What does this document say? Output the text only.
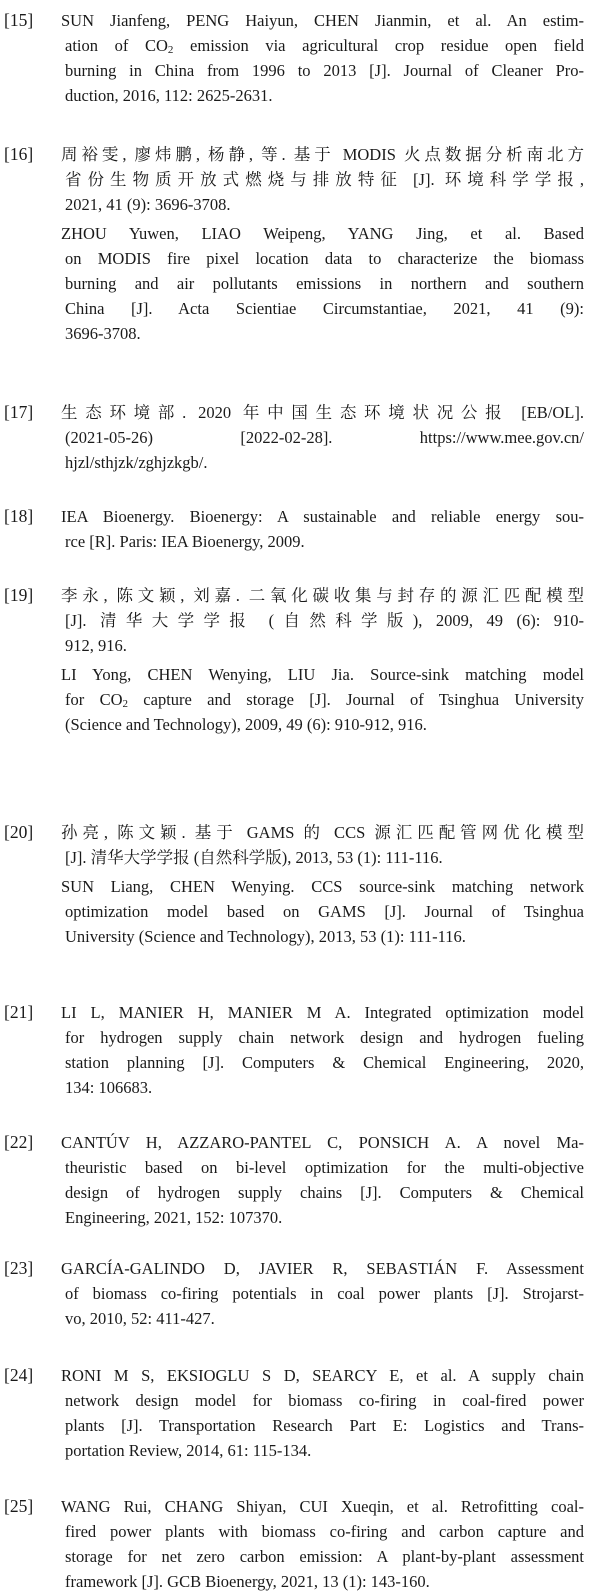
[15] SUN Jianfeng, PENG Haiyun, CHEN Jianmin, et al. An estim-
ation of $CO_2$ emission via agricultural crop residue open field
burning in China from 1996 to 2013 [J]. Journal of Cleaner Pro-
duction, 2016, 112: 2625-2631.
[16] 周裕雯, 廖炜鹏, 杨静, 等. 基于 MODIS 火点数据分析南北方
省份生物质开放式燃烧与排放特征 [J]. 环境科学学报,
2021, 41 (9): 3696-3708.
ZHOU Yuwen, LIAO Weipeng, YANG Jing, et al. Based
on MODIS fire pixel location data to characterize the biomass
burning and air pollutants emissions in northern and southern
China [J]. Acta Scientiae Circumstantiae, 2021, 41 (9):
3696-3708.
[17] 生态环境部. 2020 年中国生态环境状况公报 [EB/OL].
(2021-05-26) [2022-02-28]. https://www.mee.gov.cn/
hjzl/sthjzk/zghjzkgb/.
[18] IEA Bioenergy. Bioenergy: A sustainable and reliable energy sou-
rce [R]. Paris: IEA Bioenergy, 2009.
[19] 李永, 陈文颖, 刘嘉. 二氧化碳收集与封存的源汇匹配模型
[J]. 清华大学学报 (自然科学版), 2009, 49 (6): 910-
912, 916.
LI Yong, CHEN Wenying, LIU Jia. Source-sink matching model
for $CO_2$ capture and storage [J]. Journal of Tsinghua University
(Science and Technology), 2009, 49 (6): 910-912, 916.
[20] 孙亮, 陈文颖. 基于 GAMS 的 CCS 源汇匹配管网优化模型
[J]. 清华大学学报 (自然科学版), 2013, 53 (1): 111-116.
SUN Liang, CHEN Wenying. CCS source-sink matching network
optimization model based on GAMS [J]. Journal of Tsinghua
University (Science and Technology), 2013, 53 (1): 111-116.
[21] LI L, MANIER H, MANIER M A. Integrated optimization model
for hydrogen supply chain network design and hydrogen fueling
station planning [J]. Computers & Chemical Engineering, 2020,
134: 106683.
[22] CANTÚV H, AZZARO-PANTEL C, PONSICH A. A novel Ma-
theuristic based on bi-level optimization for the multi-objective
design of hydrogen supply chains [J]. Computers & Chemical
Engineering, 2021, 152: 107370.
[23] GARCÍA-GALINDO D, JAVIER R, SEBASTIÁN F. Assessment
of biomass co-firing potentials in coal power plants [J]. Strojarst-
vo, 2010, 52: 411-427.
[24] RONI M S, EKSIOGLU S D, SEARCY E, et al. A supply chain
network design model for biomass co-firing in coal-fired power
plants [J]. Transportation Research Part E: Logistics and Trans-
portation Review, 2014, 61: 115-134.
[25] WANG Rui, CHANG Shiyan, CUI Xueqin, et al. Retrofitting coal-
fired power plants with biomass co-firing and carbon capture and
storage for net zero carbon emission: A plant-by-plant assessment
framework [J]. GCB Bioenergy, 2021, 13 (1): 143-160.
